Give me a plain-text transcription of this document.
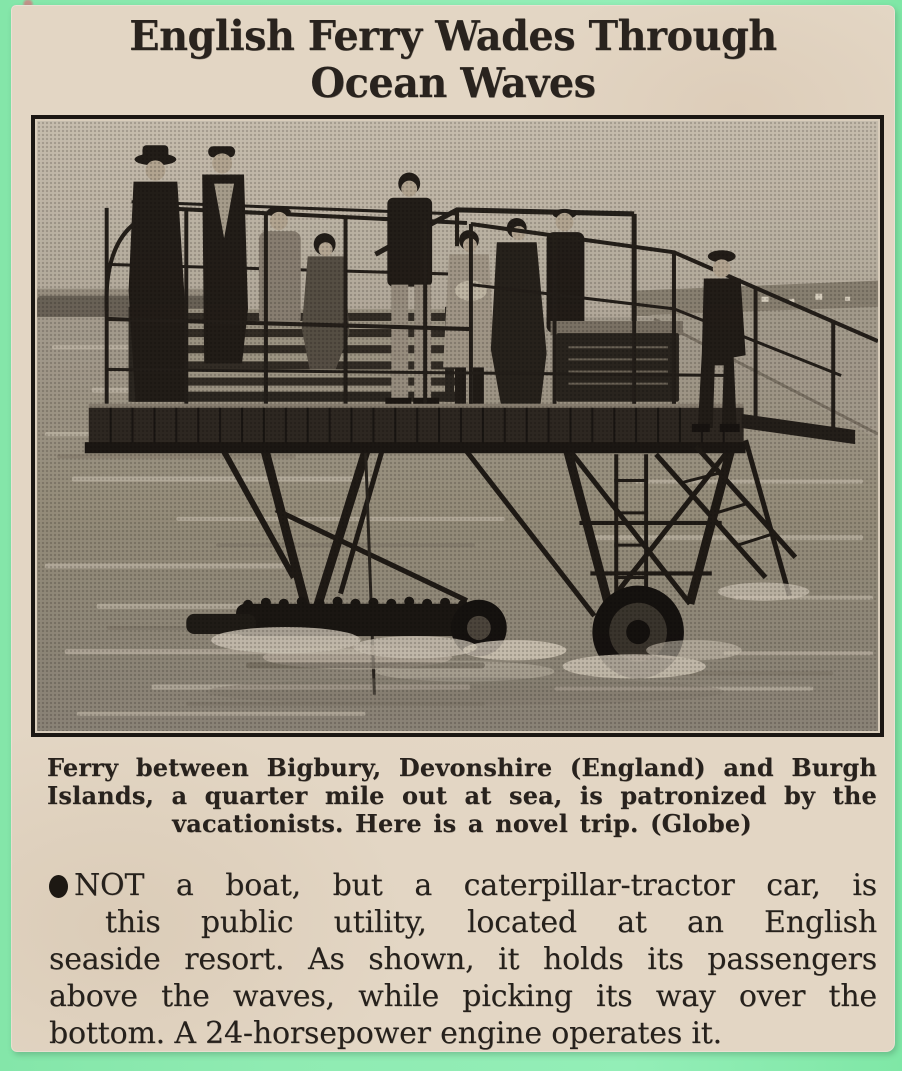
English Ferry Wades Through
Ocean Waves
Ferry between Bigbury, Devonshire (England) and Burgh
Islands, a quarter mile out at sea, is patronized by the
vacationists. Here is a novel trip. (Globe)
NOT a boat, but a caterpillar-tractor car, is
this public utility, located at an English
seaside resort. As shown, it holds its passengers
above the waves, while picking its way over the
bottom. A 24-horsepower engine operates it.
